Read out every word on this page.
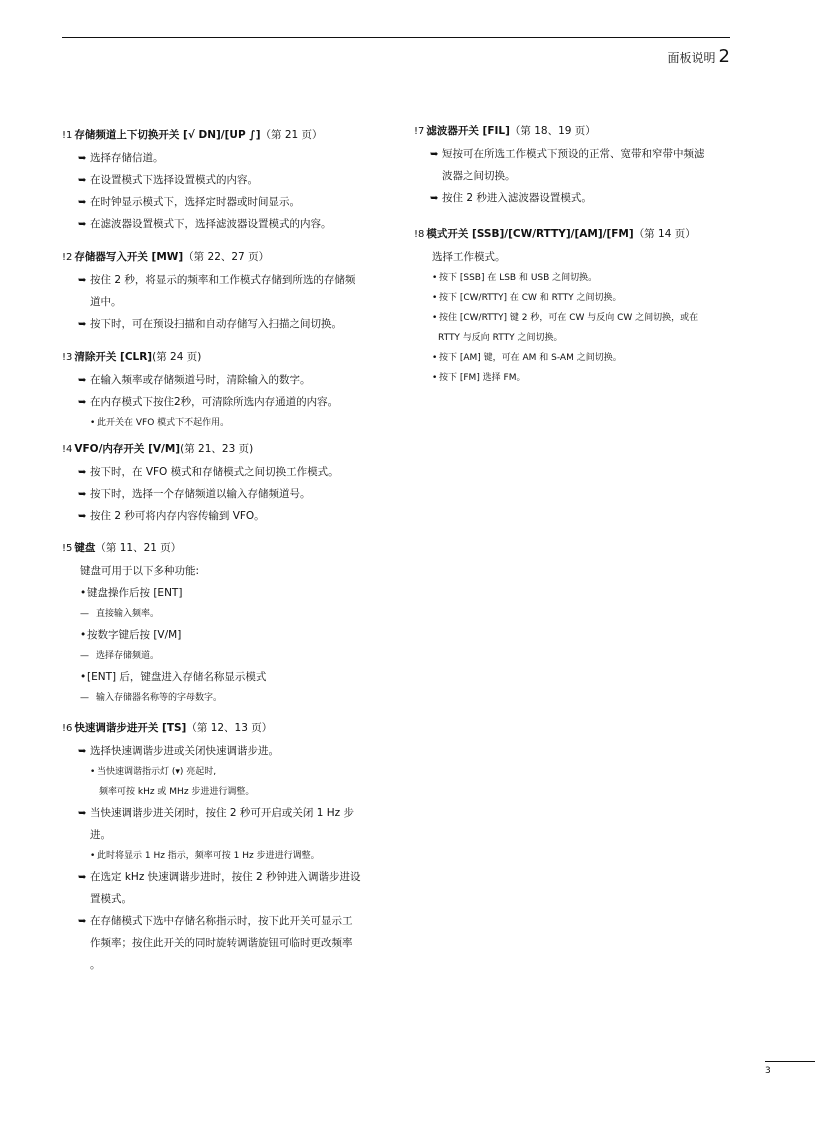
面板说明 2
!1 存储频道上下切换开关 [√ DN]/[UP ∫]（第 21 页）
➥ 选择存储信道。
➥ 在设置模式下选择设置模式的内容。
➥ 在时钟显示模式下，选择定时器或时间显示。
➥ 在滤波器设置模式下，选择滤波器设置模式的内容。
!2 存储器写入开关 [MW]（第 22、27 页）
➥ 按住 2 秒，将显示的频率和工作模式存储到所选的存储频
道中。
➥ 按下时，可在预设扫描和自动存储写入扫描之间切换。
!3 清除开关 [CLR](第 24 页)
➥ 在输入频率或存储频道号时，清除输入的数字。
➥ 在内存模式下按住2秒，可清除所选内存通道的内容。
• 此开关在 VFO 模式下不起作用。
!4 VFO/内存开关 [V/M](第 21、23 页)
➥ 按下时，在 VFO 模式和存储模式之间切换工作模式。
➥ 按下时，选择一个存储频道以输入存储频道号。
➥ 按住 2 秒可将内存内容传输到 VFO。
!5 键盘（第 11、21 页）
键盘可用于以下多种功能:
•键盘操作后按 [ENT]
— 直接输入频率。
•按数字键后按 [V/M]
— 选择存储频道。
•[ENT] 后，键盘进入存储名称显示模式
— 输入存储器名称等的字母数字。
!6 快速调谐步进开关 [TS]（第 12、13 页）
➥ 选择快速调谐步进或关闭快速调谐步进。
• 当快速调谐指示灯 (▾) 亮起时,
频率可按 kHz 或 MHz 步进进行调整。
➥ 当快速调谐步进关闭时，按住 2 秒可开启或关闭 1 Hz 步
进。
• 此时将显示 1 Hz 指示，频率可按 1 Hz 步进进行调整。
➥ 在选定 kHz 快速调谐步进时，按住 2 秒钟进入调谐步进设
置模式。
➥ 在存储模式下选中存储名称指示时，按下此开关可显示工
作频率；按住此开关的同时旋转调谐旋钮可临时更改频率
。
!7 滤波器开关 [FIL]（第 18、19 页）
➥ 短按可在所选工作模式下预设的正常、宽带和窄带中频滤
波器之间切换。
➥ 按住 2 秒进入滤波器设置模式。
!8 模式开关 [SSB]/[CW/RTTY]/[AM]/[FM]（第 14 页）
选择工作模式。
• 按下 [SSB] 在 LSB 和 USB 之间切换。
• 按下 [CW/RTTY] 在 CW 和 RTTY 之间切换。
• 按住 [CW/RTTY] 键 2 秒，可在 CW 与反向 CW 之间切换，或在
RTTY 与反向 RTTY 之间切换。
• 按下 [AM] 键，可在 AM 和 S-AM 之间切换。
• 按下 [FM] 选择 FM。
3
